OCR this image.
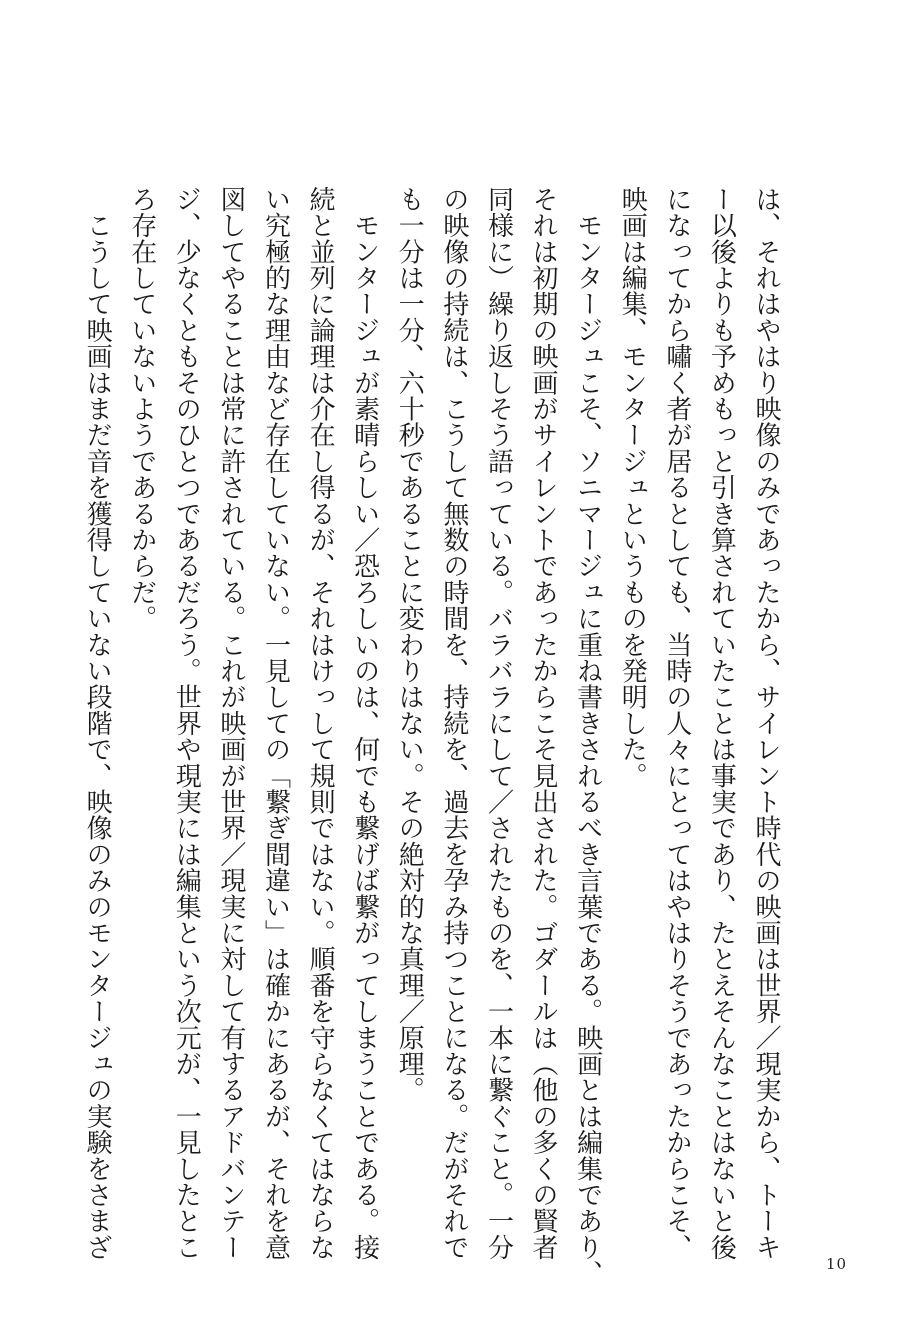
は、それはやはり映像のみであったから、サイレント時代の映画は世界／現実から、トーキ
ー以後よりも予めもっと引き算されていたことは事実であり、たとえそんなことはないと後
になってから嘯く者が居るとしても、当時の人々にとってはやはりそうであったからこそ、
映画は編集、モンタージュというものを発明した。
　モンタージュこそ、ソニマージュに重ね書きされるべき言葉である。映画とは編集であり、
それは初期の映画がサイレントであったからこそ見出された。ゴダールは（他の多くの賢者
同様に）繰り返しそう語っている。バラバラにして／されたものを、一本に繋ぐこと。一分
の映像の持続は、こうして無数の時間を、持続を、過去を孕み持つことになる。だがそれで
も一分は一分、六十秒であることに変わりはない。その絶対的な真理／原理。
　モンタージュが素晴らしい／恐ろしいのは、何でも繋げば繋がってしまうことである。接
続と並列に論理は介在し得るが、それはけっして規則ではない。順番を守らなくてはならな
い究極的な理由など存在していない。一見しての「繋ぎ間違い」は確かにあるが、それを意
図してやることは常に許されている。これが映画が世界／現実に対して有するアドバンテー
ジ、少なくともそのひとつであるだろう。世界や現実には編集という次元が、一見したとこ
ろ存在していないようであるからだ。
　こうして映画はまだ音を獲得していない段階で、映像のみのモンタージュの実験をさまざ
10
